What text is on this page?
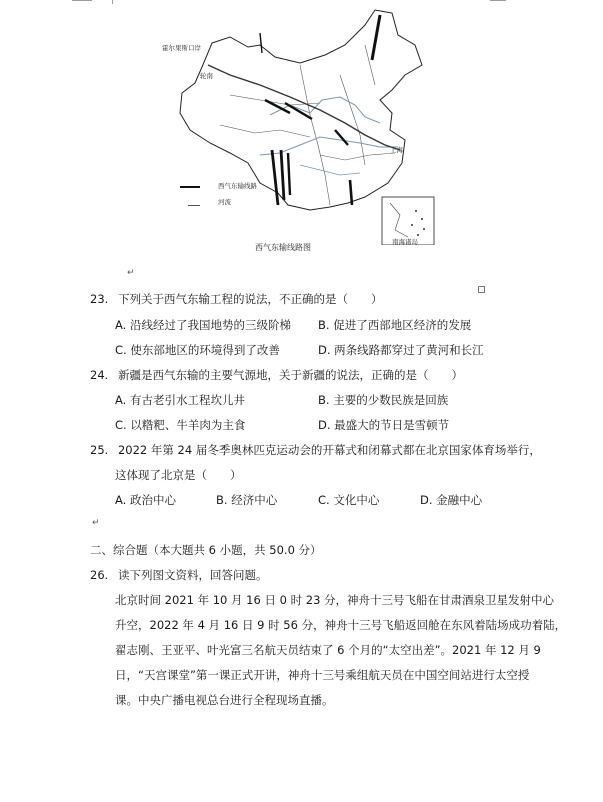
霍尔果斯口岸
轮南
上海
西气东输线路
河流
南海诸岛
西气东输线路图
↵
23. 下列关于西气东输工程的说法，不正确的是（　　）
A. 沿线经过了我国地势的三级阶梯 B. 促进了西部地区经济的发展
C. 使东部地区的环境得到了改善	D. 两条线路都穿过了黄河和长江
24. 新疆是西气东输的主要气源地，关于新疆的说法，正确的是（　　）
A. 有古老引水工程坎儿井	B. 主要的少数民族是回族
C. 以糌粑、牛羊肉为主食	D. 最盛大的节日是雪顿节
25. 2022 年第 24 届冬季奥林匹克运动会的开幕式和闭幕式都在北京国家体育场举行，
这体现了北京是（　　）
A. 政治中心	B. 经济中心	C. 文化中心	D. 金融中心
↵
二、综合题（本大题共 6 小题，共 50.0 分）
26. 读下列图文资料，回答问题。
北京时间 2021 年 10 月 16 日 0 时 23 分，神舟十三号飞船在甘肃酒泉卫星发射中心
升空，2022 年 4 月 16 日 9 时 56 分，神舟十三号飞船返回舱在东风着陆场成功着陆，
翟志刚、王亚平、叶光富三名航天员结束了 6 个月的“太空出差”。2021 年 12 月 9
日，“天宫课堂”第一课正式开讲，神舟十三号乘组航天员在中国空间站进行太空授
课。中央广播电视总台进行全程现场直播。
